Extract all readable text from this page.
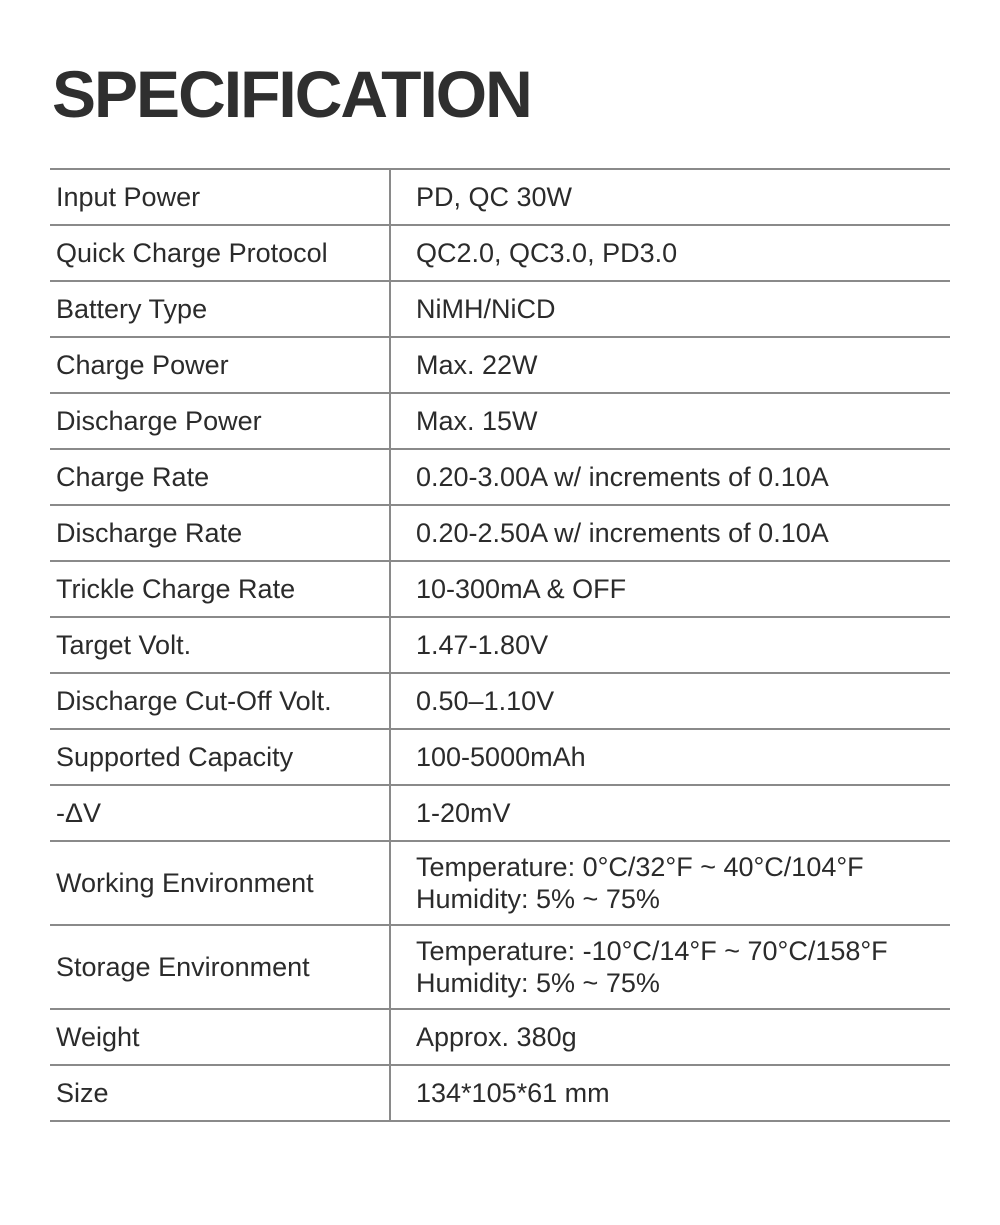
SPECIFICATION
Input Power	PD, QC 30W

Quick Charge Protocol	QC2.0, QC3.0, PD3.0

Battery Type	NiMH/NiCD

Charge Power	Max. 22W

Discharge Power	Max. 15W

Charge Rate	0.20-3.00A w/ increments of 0.10A

Discharge Rate	0.20-2.50A w/ increments of 0.10A

Trickle Charge Rate	10-300mA & OFF

Target Volt.	1.47-1.80V

Discharge Cut-Off Volt.	0.50–1.10V

Supported Capacity	100-5000mAh

-ΔV	1-20mV

Working Environment	Temperature: 0°C/32°F ~ 40°C/104°F
Humidity: 5% ~ 75%

Storage Environment	Temperature: -10°C/14°F ~ 70°C/158°F
Humidity: 5% ~ 75%

Weight	Approx. 380g

Size	134*105*61 mm
